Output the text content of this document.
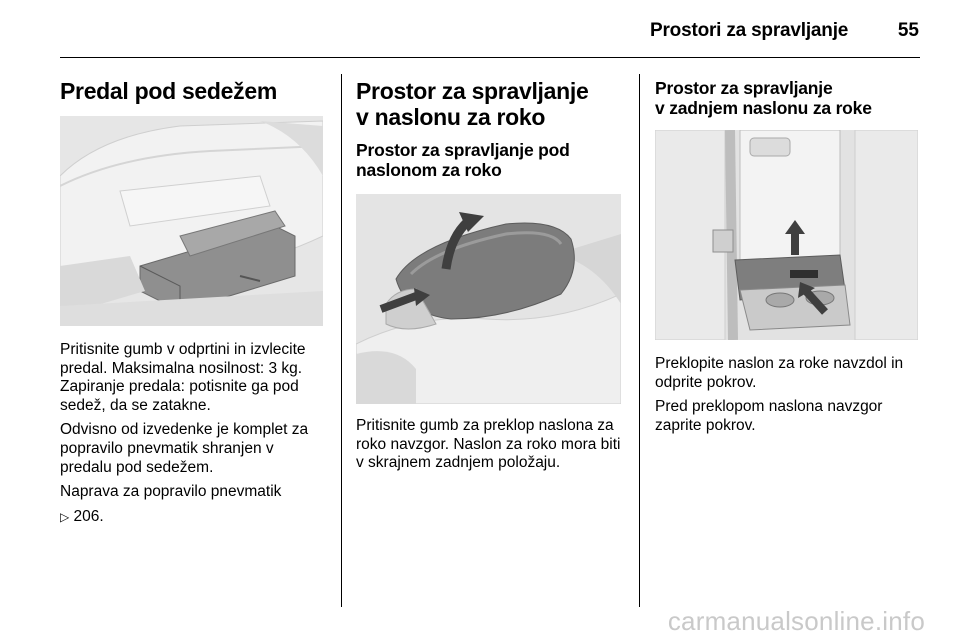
Prostori za spravljanje	55
Predal pod sedežem

Pritisnite gumb v odprtini in izvlecite predal. Maksimalna nosilnost: 3 kg. Zapiranje predala: potisnite ga pod sedež, da se zatakne.

Odvisno od izvedenke je komplet za popravilo pnevmatik shranjen v predalu pod sedežem.

Naprava za popravilo pnevmatik

▷ 206.

Prostor za spravljanje
v naslonu za roko
Prostor za spravljanje pod
naslonom za roko

Pritisnite gumb za preklop naslona za roko navzgor. Naslon za roko mora biti v skrajnem zadnjem položaju.

Prostor za spravljanje
v zadnjem naslonu za roke

Preklopite naslon za roke navzdol in odprite pokrov.

Pred preklopom naslona navzgor zaprite pokrov.

carmanualsonline.info
